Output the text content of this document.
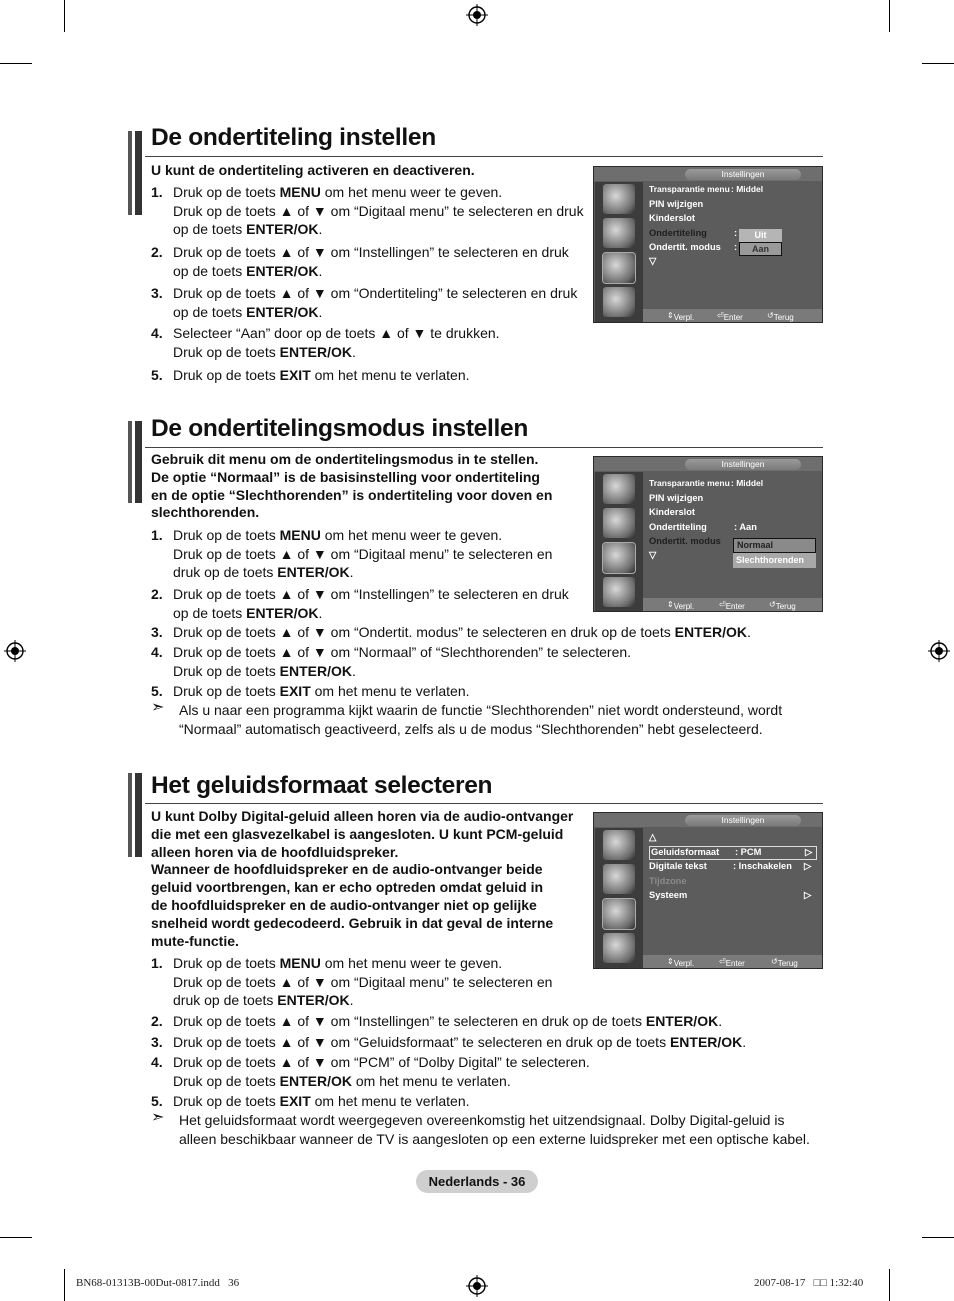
De ondertiteling instellen
U kunt de ondertiteling activeren en deactiveren.
1. Druk op de toets MENU om het menu weer te geven.
Druk op de toets ▲ of ▼ om “Digitaal menu” te selecteren en druk
op de toets ENTER/OK.
2. Druk op de toets ▲ of ▼ om “Instellingen” te selecteren en druk
op de toets ENTER/OK.
3. Druk op de toets ▲ of ▼ om “Ondertiteling” te selecteren en druk
op de toets ENTER/OK.
4. Selecteer “Aan” door op de toets ▲ of ▼ te drukken.
Druk op de toets ENTER/OK.
5. Druk op de toets EXIT om het menu te verlaten.
Instellingen
Transparantie menu : Middel
PIN wijzigen
Kinderslot
Ondertiteling	:
Ondertit. modus :
▽
Uit
Aan
⇕ Verpl.	⏎ Enter	↺ Terug
De ondertitelingsmodus instellen
Gebruik dit menu om de ondertitelingsmodus in te stellen.
De optie “Normaal” is de basisinstelling voor ondertiteling
en de optie “Slechthorenden” is ondertiteling voor doven en
slechthorenden.
1. Druk op de toets MENU om het menu weer te geven.
Druk op de toets ▲ of ▼ om “Digitaal menu” te selecteren en
druk op de toets ENTER/OK.
2. Druk op de toets ▲ of ▼ om “Instellingen” te selecteren en druk
op de toets ENTER/OK.
3. Druk op de toets ▲ of ▼ om “Ondertit. modus” te selecteren en druk op de toets ENTER/OK.
4. Druk op de toets ▲ of ▼ om “Normaal” of “Slechthorenden” te selecteren.
Druk op de toets ENTER/OK.
5. Druk op de toets EXIT om het menu te verlaten.
➣ Als u naar een programma kijkt waarin de functie “Slechthorenden” niet wordt ondersteund, wordt
“Normaal” automatisch geactiveerd, zelfs als u de modus “Slechthorenden” hebt geselecteerd.
Instellingen
Transparantie menu : Middel
PIN wijzigen
Kinderslot
Ondertiteling	: Aan
Ondertit. modus
▽
Normaal
Slechthorenden
⇕ Verpl.	⏎ Enter	↺ Terug
Het geluidsformaat selecteren
U kunt Dolby Digital-geluid alleen horen via de audio-ontvanger
die met een glasvezelkabel is aangesloten. U kunt PCM-geluid
alleen horen via de hoofdluidspreker.
Wanneer de hoofdluidspreker en de audio-ontvanger beide
geluid voortbrengen, kan er echo optreden omdat geluid in
de hoofdluidspreker en de audio-ontvanger niet op gelijke
snelheid wordt gedecodeerd. Gebruik in dat geval de interne
mute-functie.
1. Druk op de toets MENU om het menu weer te geven.
Druk op de toets ▲ of ▼ om “Digitaal menu” te selecteren en
druk op de toets ENTER/OK.
2. Druk op de toets ▲ of ▼ om “Instellingen” te selecteren en druk op de toets ENTER/OK.
3. Druk op de toets ▲ of ▼ om “Geluidsformaat” te selecteren en druk op de toets ENTER/OK.
4. Druk op de toets ▲ of ▼ om “PCM” of “Dolby Digital” te selecteren.
Druk op de toets ENTER/OK om het menu te verlaten.
5. Druk op de toets EXIT om het menu te verlaten.
➣ Het geluidsformaat wordt weergegeven overeenkomstig het uitzendsignaal. Dolby Digital-geluid is
alleen beschikbaar wanneer de TV is aangesloten op een externe luidspreker met een optische kabel.
Instellingen
△
Geluidsformaat : PCM	▷
Digitale tekst	: Inschakelen ▷
Tijdzone
Systeem	▷
⇕ Verpl.	⏎ Enter	↺ Terug
Nederlands - 36
BN68-01313B-00Dut-0817.indd   36	2007-08-17   □□ 1:32:40
